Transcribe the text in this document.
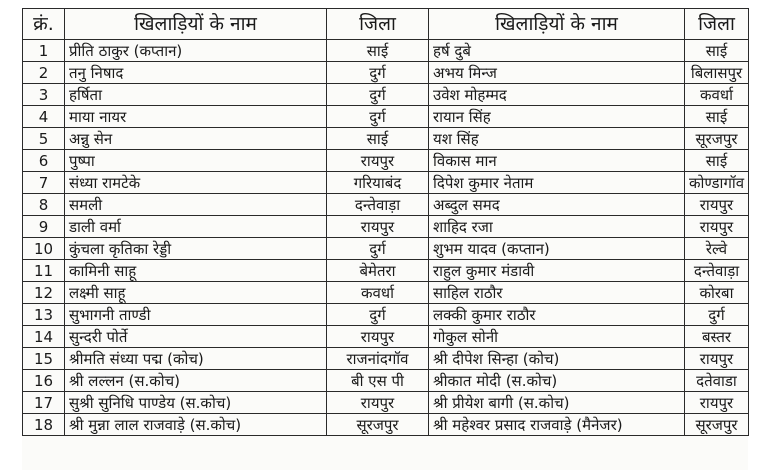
क्रं.	खिलाड़ियों के नाम	जिला	खिलाड़ियों के नाम	जिला
1	प्रीति ठाकुर (कप्तान)	साई	हर्ष दुबे	साई
2	तनु निषाद	दुर्ग	अभय मिन्ज	बिलासपुर
3	हर्षिता	दुर्ग	उवेश मोहम्मद	कवर्धा
4	माया नायर	दुर्ग	रायान सिंह	साई
5	अन्नु सेन	साई	यश सिंह	सूरजपुर
6	पुष्पा	रायपुर	विकास मान	साई
7	संध्या रामटेके	गरियाबंद	दिपेश कुमार नेताम	कोण्डागॉव
8	समली	दन्तेवाड़ा	अब्दुल समद	रायपुर
9	डाली वर्मा	रायपुर	शाहिद रजा	रायपुर
10	कुंचला कृतिका रेड्डी	दुर्ग	शुभम यादव (कप्तान)	रेल्वे
11	कामिनी साहू	बेमेतरा	राहुल कुमार मंडावी	दन्तेवाड़ा
12	लक्ष्मी साहू	कवर्धा	साहिल राठौर	कोरबा
13	सुभागनी ताण्डी	दुर्ग	लक्की कुमार राठौर	दुर्ग
14	सुन्दरी पोर्ते	रायपुर	गोकुल सोनी	बस्तर
15	श्रीमति संध्या पद्म (कोच)	राजनांदगॉव	श्री दीपेश सिन्हा (कोच)	रायपुर
16	श्री लल्लन (स.कोच)	बी एस पी	श्रीकात मोदी (स.कोच)	दतेवाडा
17	सुश्री सुनिधि पाण्डेय (स.कोच)	रायपुर	श्री प्रीयेश बागी (स.कोच)	रायपुर
18	श्री मुन्ना लाल राजवाड़े (स.कोच)	सूरजपुर	श्री महेश्वर प्रसाद राजवाड़े (मैनेजर)	सूरजपुर
